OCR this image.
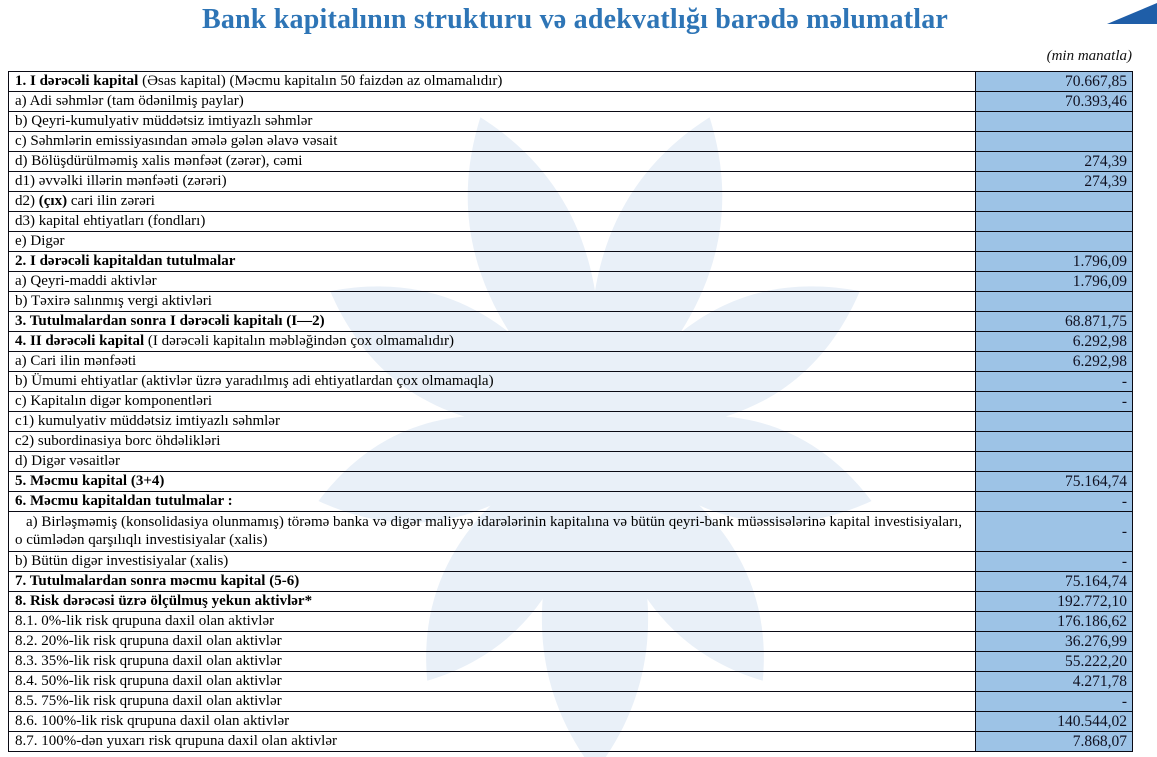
Bank kapitalının strukturu və adekvatlığı barədə məlumatlar
(min manatla)
1. I dərəcəli kapital (Əsas kapital) (Məcmu kapitalın 50 faizdən az olmamalıdır)	70.667,85
a) Adi səhmlər (tam ödənilmiş paylar)	70.393,46
b) Qeyri-kumulyativ müddətsiz imtiyazlı səhmlər	
c) Səhmlərin emissiyasından əmələ gələn əlavə vəsait	
d) Bölüşdürülməmiş xalis mənfəət (zərər), cəmi	274,39
d1) əvvəlki illərin mənfəəti (zərəri)	274,39
d2) (çıx) cari ilin zərəri	
d3) kapital ehtiyatları (fondları)	
e) Digər	
2. I dərəcəli kapitaldan tutulmalar	1.796,09
a) Qeyri-maddi aktivlər	1.796,09
b) Təxirə salınmış vergi aktivləri	
3. Tutulmalardan sonra I dərəcəli kapitalı (I—2)	68.871,75
4. II dərəcəli kapital (I dərəcəli kapitalın məbləğindən çox olmamalıdır)	6.292,98
a) Cari ilin mənfəəti	6.292,98
b) Ümumi ehtiyatlar (aktivlər üzrə yaradılmış adi ehtiyatlardan çox olmamaqla)	-
c) Kapitalın digər komponentləri	-
c1) kumulyativ müddətsiz imtiyazlı səhmlər	
c2) subordinasiya borc öhdəlikləri	
d) Digər vəsaitlər	
5. Məcmu kapital (3+4)	75.164,74
6. Məcmu kapitaldan tutulmalar :	-
a) Birləşməmiş (konsolidasiya olunmamış) törəmə banka və digər maliyyə idarələrinin kapitalına və bütün qeyri-bank müəssisələrinə kapital investisiyaları, o cümlədən qarşılıqlı investisiyalar (xalis)	-
b) Bütün digər investisiyalar (xalis)	-
7. Tutulmalardan sonra məcmu kapital (5-6)	75.164,74
8. Risk dərəcəsi üzrə ölçülmuş yekun aktivlər*	192.772,10
8.1. 0%-lik risk qrupuna daxil olan aktivlər	176.186,62
8.2. 20%-lik risk qrupuna daxil olan aktivlər	36.276,99
8.3. 35%-lik risk qrupuna daxil olan aktivlər	55.222,20
8.4. 50%-lik risk qrupuna daxil olan aktivlər	4.271,78
8.5. 75%-lik risk qrupuna daxil olan aktivlər	-
8.6. 100%-lik risk qrupuna daxil olan aktivlər	140.544,02
8.7. 100%-dən yuxarı risk qrupuna daxil olan aktivlər	7.868,07
